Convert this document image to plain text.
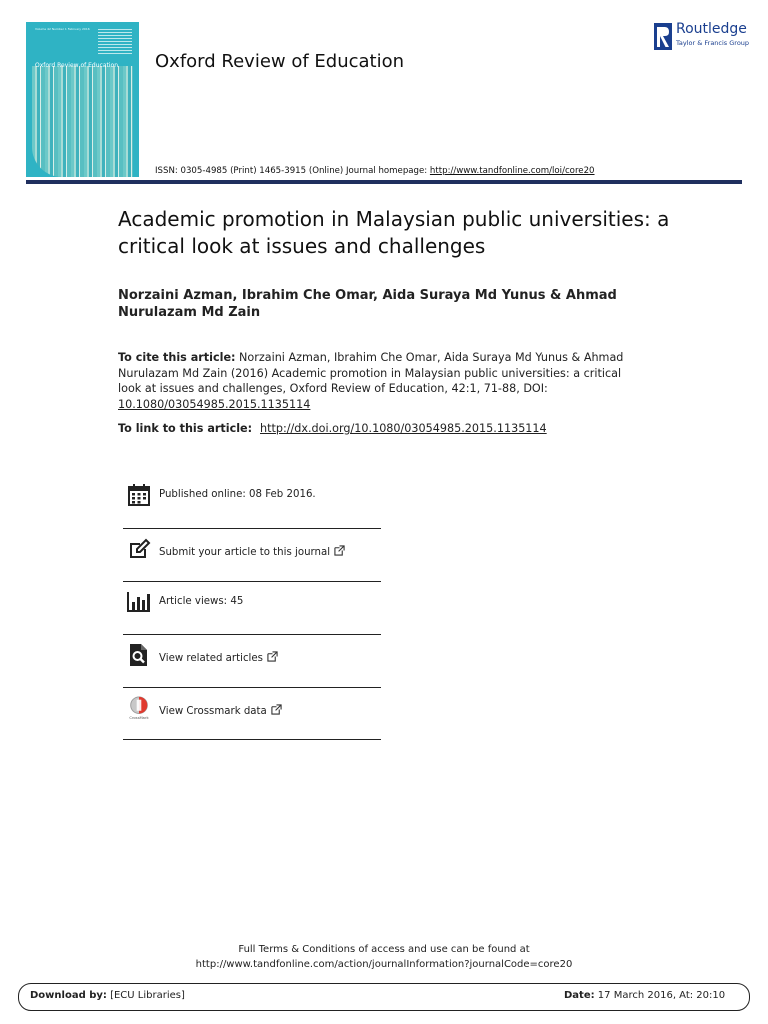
Volume 42 Number 1 February 2016
Oxford Review of Education Oxford Review of Education
Routledge
Taylor & Francis Group
ISSN: 0305-4985 (Print) 1465-3915 (Online) Journal homepage: http://www.tandfonline.com/loi/core20
Academic promotion in Malaysian public universities: a critical look at issues and challenges
Norzaini Azman, Ibrahim Che Omar, Aida Suraya Md Yunus & Ahmad Nurulazam Md Zain
To cite this article: Norzaini Azman, Ibrahim Che Omar, Aida Suraya Md Yunus & Ahmad Nurulazam Md Zain (2016) Academic promotion in Malaysian public universities: a critical look at issues and challenges, Oxford Review of Education, 42:1, 71-88, DOI: 10.1080/03054985.2015.1135114
To link to this article: http://dx.doi.org/10.1080/03054985.2015.1135114
Published online: 08 Feb 2016.
Submit your article to this journal
Article views: 45
View related articles
CrossMark
View Crossmark data
Full Terms & Conditions of access and use can be found at
http://www.tandfonline.com/action/journalInformation?journalCode=core20
Download by: [ECU Libraries]	Date: 17 March 2016, At: 20:10
